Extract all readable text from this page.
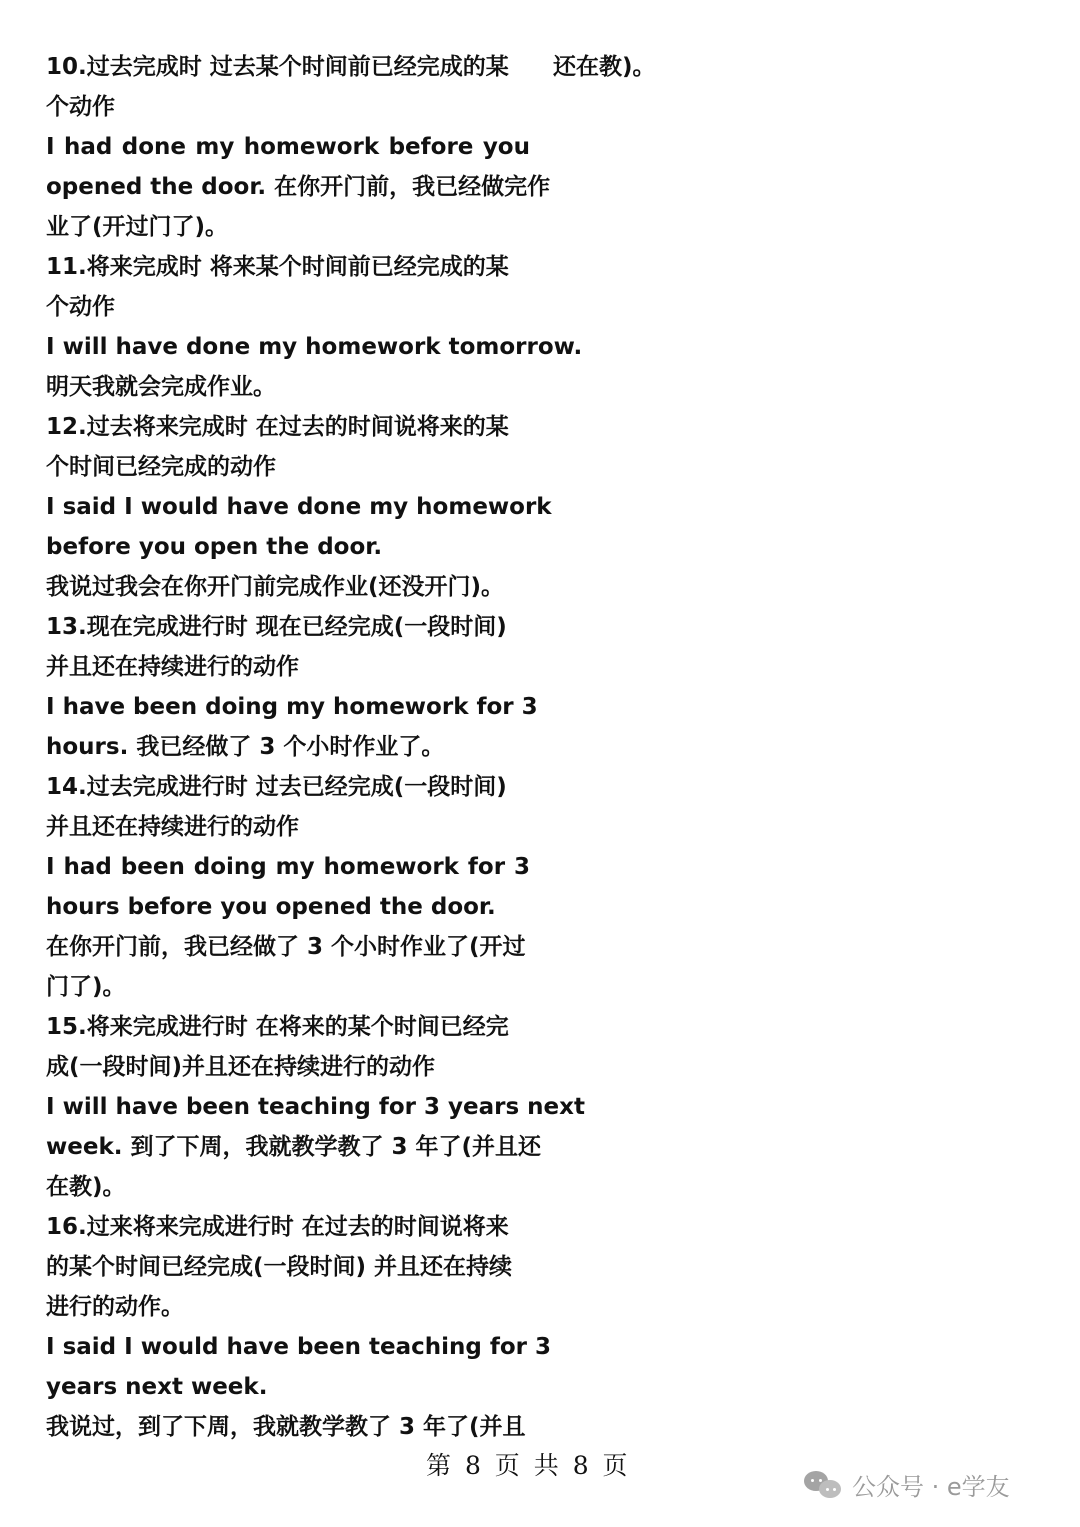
10.过去完成时 过去某个时间前已经完成的某
个动作
I had done my homework before you
opened the door. 在你开门前，我已经做完作
业了(开过门了)。
11.将来完成时 将来某个时间前已经完成的某
个动作
I will have done my homework tomorrow.
明天我就会完成作业。
12.过去将来完成时 在过去的时间说将来的某
个时间已经完成的动作
I said I would have done my homework
before you open the door.
我说过我会在你开门前完成作业(还没开门)。
13.现在完成进行时 现在已经完成(一段时间)
并且还在持续进行的动作
I have been doing my homework for 3
hours. 我已经做了 3 个小时作业了。
14.过去完成进行时 过去已经完成(一段时间)
并且还在持续进行的动作
I had been doing my homework for 3
hours before you opened the door.
在你开门前，我已经做了 3 个小时作业了(开过
门了)。
15.将来完成进行时 在将来的某个时间已经完
成(一段时间)并且还在持续进行的动作
I will have been teaching for 3 years next
week. 到了下周，我就教学教了 3 年了(并且还
在教)。
16.过来将来完成进行时 在过去的时间说将来
的某个时间已经完成(一段时间) 并且还在持续
进行的动作。
I said I would have been teaching for 3
years next week.
我说过，到了下周，我就教学教了 3 年了(并且
还在教)。
第 8 页 共 8 页
公众号 · e学友
